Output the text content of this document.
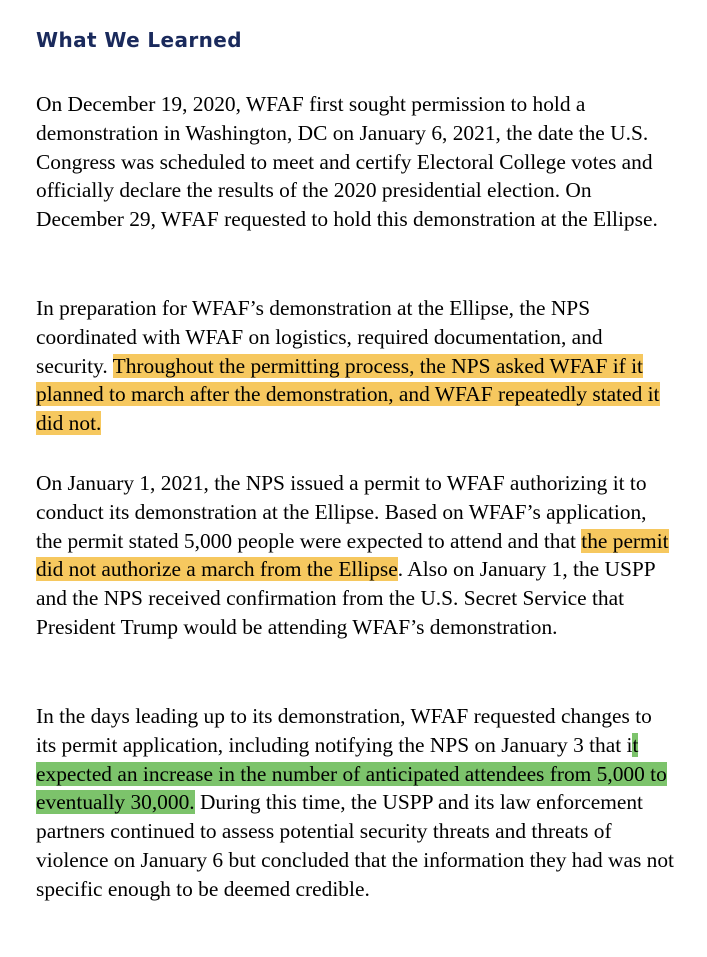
What We Learned

On December 19, 2020, WFAF first sought permission to hold a demonstration in Washington, DC on January 6, 2021, the date the U.S. Congress was scheduled to meet and certify Electoral College votes and officially declare the results of the 2020 presidential election. On December 29, WFAF requested to hold this demonstration at the Ellipse.

In preparation for WFAF’s demonstration at the Ellipse, the NPS coordinated with WFAF on logistics, required documentation, and security. Throughout the permitting process, the NPS asked WFAF if it planned to march after the demonstration, and WFAF repeatedly stated it did not.

On January 1, 2021, the NPS issued a permit to WFAF authorizing it to conduct its demonstration at the Ellipse. Based on WFAF’s application, the permit stated 5,000 people were expected to attend and that the permit did not authorize a march from the Ellipse. Also on January 1, the USPP and the NPS received confirmation from the U.S. Secret Service that President Trump would be attending WFAF’s demonstration.

In the days leading up to its demonstration, WFAF requested changes to its permit application, including notifying the NPS on January 3 that it expected an increase in the number of anticipated attendees from 5,000 to eventually 30,000. During this time, the USPP and its law enforcement partners continued to assess potential security threats and threats of violence on January 6 but concluded that the information they had was not specific enough to be deemed credible.
